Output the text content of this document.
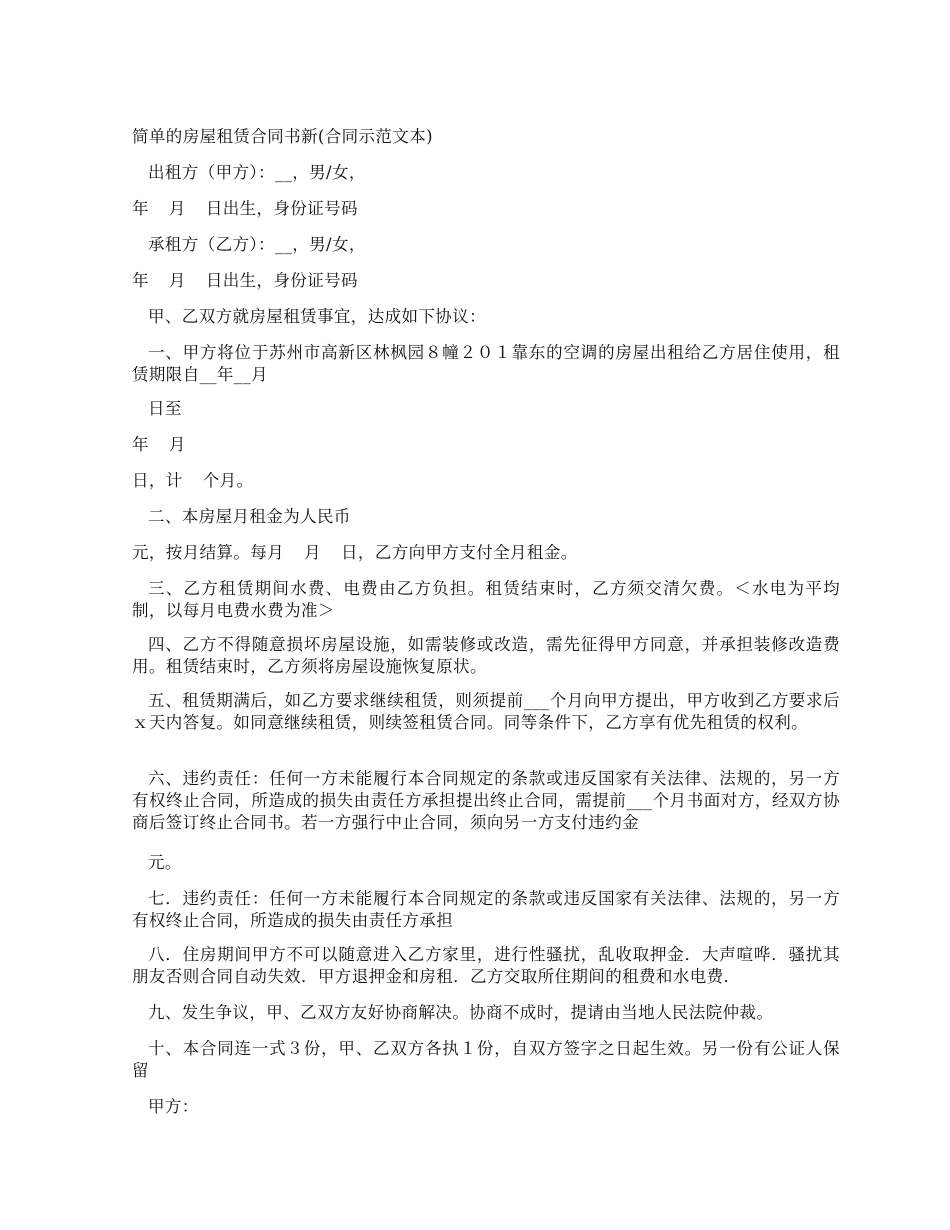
简单的房屋租赁合同书新(合同示范文本)
出租方（甲方）：__，男/女，
年 月 日出生，身份证号码
承租方（乙方）：__，男/女，
年 月 日出生，身份证号码
甲、乙双方就房屋租赁事宜，达成如下协议：
一、甲方将位于苏州市高新区林枫园８幢２０１靠东的空调的房屋出租给乙方居住使用，租赁期限自__年__月
日至
年 月
日，计 个月。
二、本房屋月租金为人民币
元，按月结算。每月 月 日，乙方向甲方支付全月租金。
三、乙方租赁期间水费、电费由乙方负担。租赁结束时，乙方须交清欠费。＜水电为平均制，以每月电费水费为准＞
四、乙方不得随意损坏房屋设施，如需装修或改造，需先征得甲方同意，并承担装修改造费用。租赁结束时，乙方须将房屋设施恢复原状。
五、租赁期满后，如乙方要求继续租赁，则须提前___个月向甲方提出，甲方收到乙方要求后ｘ天内答复。如同意继续租赁，则续签租赁合同。同等条件下，乙方享有优先租赁的权利。
六、违约责任：任何一方未能履行本合同规定的条款或违反国家有关法律、法规的，另一方有权终止合同，所造成的损失由责任方承担提出终止合同，需提前___个月书面对方，经双方协商后签订终止合同书。若一方强行中止合同，须向另一方支付违约金
元。
七．违约责任：任何一方未能履行本合同规定的条款或违反国家有关法律、法规的，另一方有权终止合同，所造成的损失由责任方承担
八．住房期间甲方不可以随意进入乙方家里，进行性骚扰，乱收取押金．大声喧哗．骚扰其朋友否则合同自动失效．甲方退押金和房租．乙方交取所住期间的租费和水电费．
九、发生争议，甲、乙双方友好协商解决。协商不成时，提请由当地人民法院仲裁。
十、本合同连一式３份，甲、乙双方各执１份，自双方签字之日起生效。另一份有公证人保留
甲方：
